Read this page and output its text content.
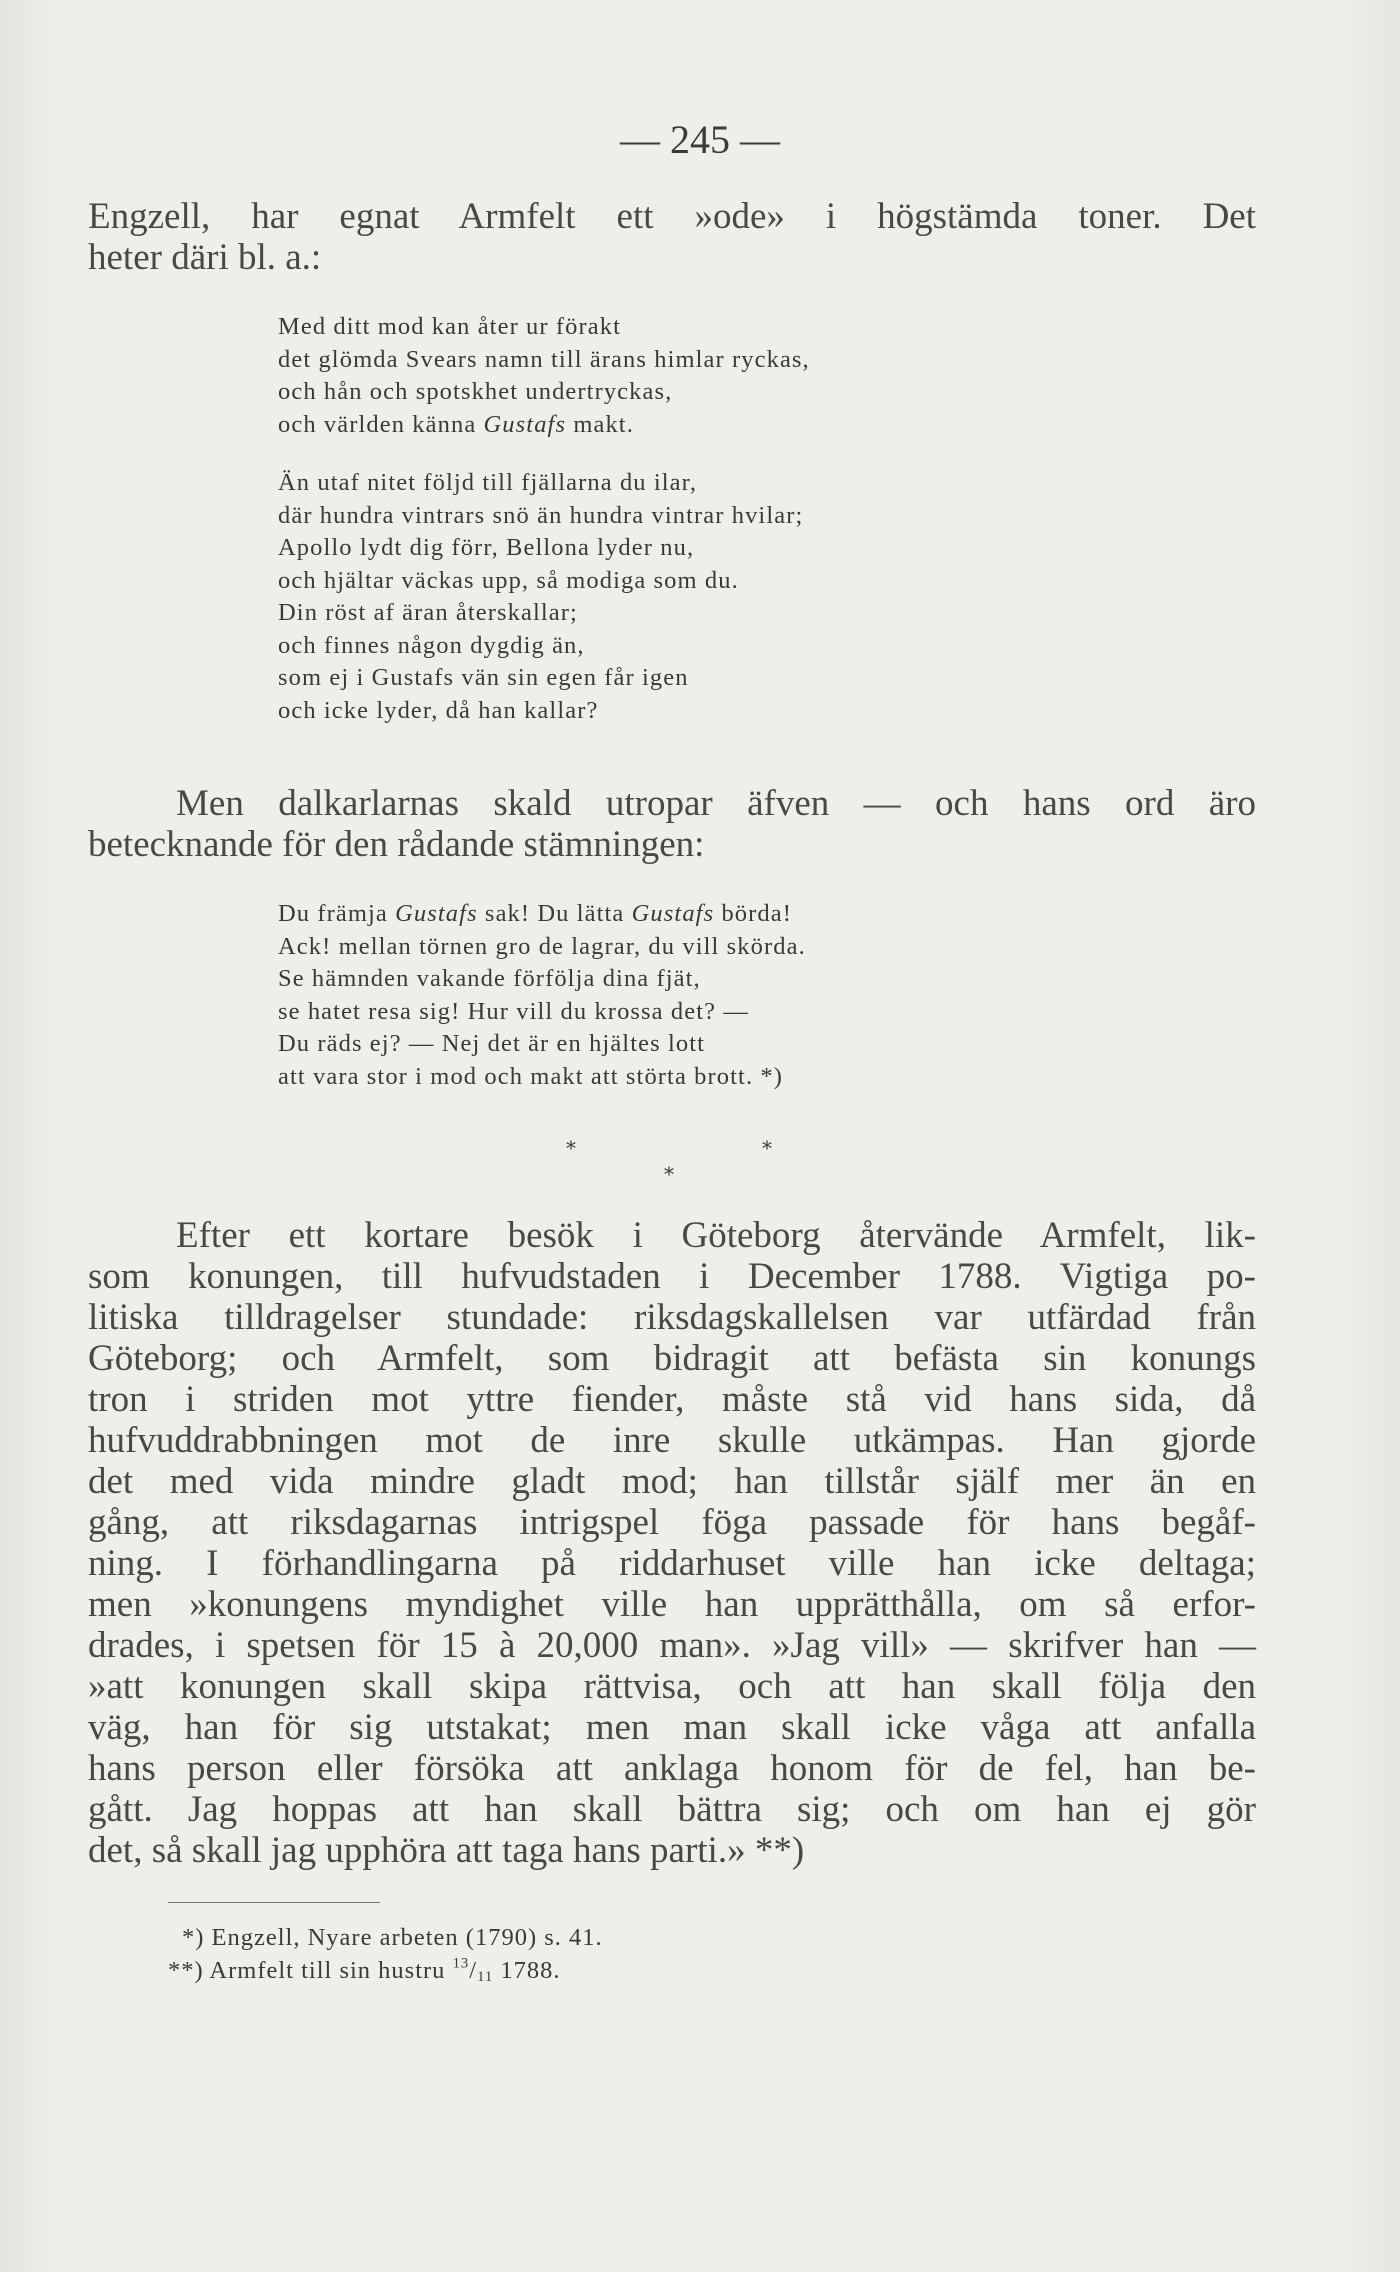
— 245 —

Engzell, har egnat Armfelt ett »ode» i högstämda toner. Det

heter däri bl. a.:

Med ditt mod kan åter ur förakt
det glömda Svears namn till ärans himlar ryckas,
och hån och spotskhet undertryckas,
och världen känna Gustafs makt.
Än utaf nitet följd till fjällarna du ilar,
där hundra vintrars snö än hundra vintrar hvilar;
Apollo lydt dig förr, Bellona lyder nu,
och hjältar väckas upp, så modiga som du.
Din röst af äran återskallar;
och finnes någon dygdig än,
som ej i Gustafs vän sin egen får igen
och icke lyder, då han kallar?

Men dalkarlarnas skald utropar äfven — och hans ord äro

betecknande för den rådande stämningen:

Du främja Gustafs sak! Du lätta Gustafs börda!
Ack! mellan törnen gro de lagrar, du vill skörda.
Se hämnden vakande förfölja dina fjät,
se hatet resa sig! Hur vill du krossa det? —
Du räds ej? — Nej det är en hjältes lott
att vara stor i mod och makt att störta brott. *)
*	*
*

Efter ett kortare besök i Göteborg återvände Armfelt, lik-

som konungen, till hufvudstaden i December 1788. Vigtiga po-

litiska tilldragelser stundade: riksdagskallelsen var utfärdad från

Göteborg; och Armfelt, som bidragit att befästa sin konungs

tron i striden mot yttre fiender, måste stå vid hans sida, då

hufvuddrabbningen mot de inre skulle utkämpas. Han gjorde

det med vida mindre gladt mod; han tillstår själf mer än en

gång, att riksdagarnas intrigspel föga passade för hans begåf-

ning. I förhandlingarna på riddarhuset ville han icke deltaga;

men »konungens myndighet ville han upprätthålla, om så erfor-

drades, i spetsen för 15 à 20,000 man». »Jag vill» — skrifver han —

»att konungen skall skipa rättvisa, och att han skall följa den

väg, han för sig utstakat; men man skall icke våga att anfalla

hans person eller försöka att anklaga honom för de fel, han be-

gått. Jag hoppas att han skall bättra sig; och om han ej gör

det, så skall jag upphöra att taga hans parti.» **)

*) Engzell, Nyare arbeten (1790) s. 41.
**) Armfelt till sin hustru $^{13}/_{11}$ 1788.
